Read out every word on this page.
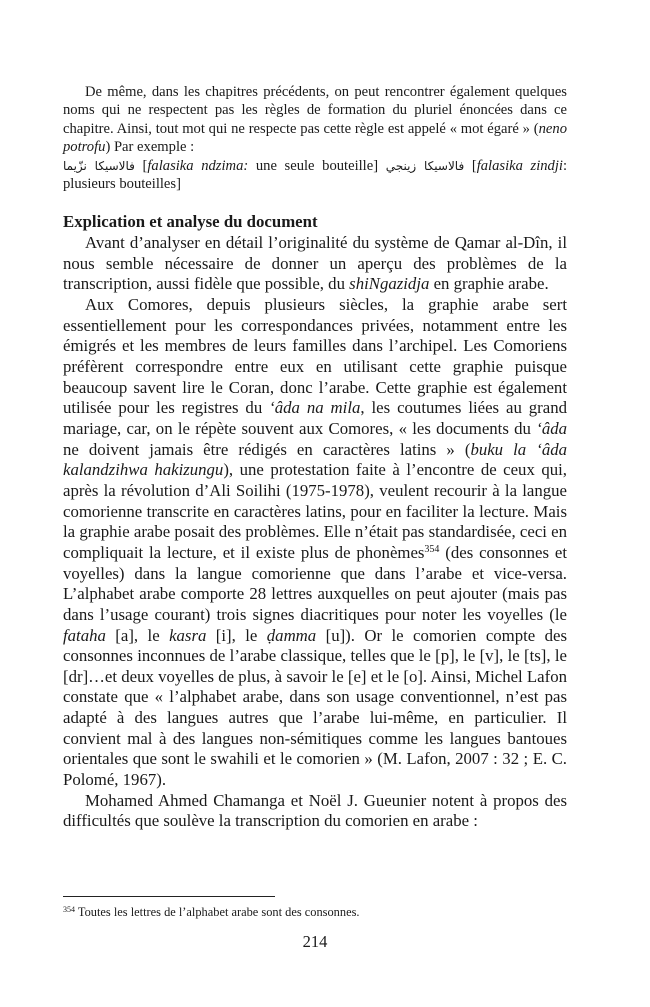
De même, dans les chapitres précédents, on peut rencontrer également quelques noms qui ne respectent pas les règles de formation du pluriel énoncées dans ce chapitre. Ainsi, tout mot qui ne respecte pas cette règle est appelé « mot égaré » (neno potrofu) Par exemple :
فالاسيكا نزّيما [falasika ndzima: une seule bouteille] فالاسيكا زينجي [falasika zindji: plusieurs bouteilles]

Explication et analyse du document

Avant d’analyser en détail l’originalité du système de Qamar al-Dîn, il nous semble nécessaire de donner un aperçu des problèmes de la transcription, aussi fidèle que possible, du shiNgazidja en graphie arabe.

Aux Comores, depuis plusieurs siècles, la graphie arabe sert essentiellement pour les correspondances privées, notamment entre les émigrés et les membres de leurs familles dans l’archipel. Les Comoriens préfèrent correspondre entre eux en utilisant cette graphie puisque beaucoup savent lire le Coran, donc l’arabe. Cette graphie est également utilisée pour les registres du ‘âda na mila, les coutumes liées au grand mariage, car, on le répète souvent aux Comores, « les documents du ‘âda ne doivent jamais être rédigés en caractères latins » (buku la ‘âda kalandzihwa hakizungu), une protestation faite à l’encontre de ceux qui, après la révolution d’Ali Soilihi (1975-1978), veulent recourir à la langue comorienne transcrite en caractères latins, pour en faciliter la lecture. Mais la graphie arabe posait des problèmes. Elle n’était pas standardisée, ceci en compliquait la lecture, et il existe plus de phonèmes$^{354}$ (des consonnes et voyelles) dans la langue comorienne que dans l’arabe et vice-versa. L’alphabet arabe comporte 28 lettres auxquelles on peut ajouter (mais pas dans l’usage courant) trois signes diacritiques pour noter les voyelles (le fataha [a], le kasra [i], le ḍamma [u]). Or le comorien compte des consonnes inconnues de l’arabe classique, telles que le [p], le [v], le [ts], le [dr]…et deux voyelles de plus, à savoir le [e] et le [o]. Ainsi, Michel Lafon constate que « l’alphabet arabe, dans son usage conventionnel, n’est pas adapté à des langues autres que l’arabe lui-même, en particulier. Il convient mal à des langues non-sémitiques comme les langues bantoues orientales que sont le swahili et le comorien » (M. Lafon, 2007 : 32 ; E. C. Polomé, 1967).

Mohamed Ahmed Chamanga et Noël J. Gueunier notent à propos des difficultés que soulève la transcription du comorien en arabe :

$^{354}$ Toutes les lettres de l’alphabet arabe sont des consonnes.
214
